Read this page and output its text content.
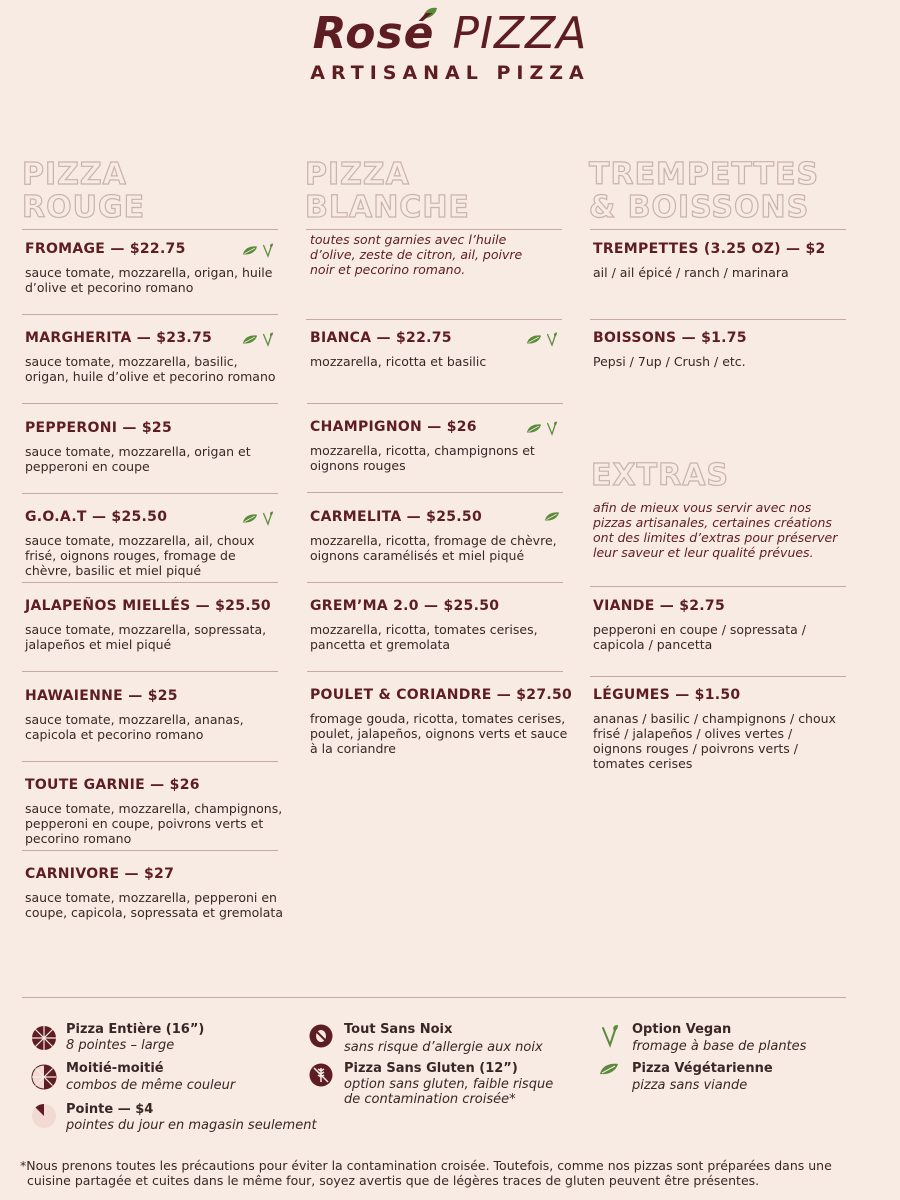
Rosé PIZZA
ARTISANAL PIZZA
PIZZA
ROUGE
PIZZA
BLANCHE
TREMPETTES
& BOISSONS
FROMAGE — $22.75
sauce tomate, mozzarella, origan, huile d’olive et pecorino romano
MARGHERITA — $23.75
sauce tomate, mozzarella, basilic, origan, huile d’olive et pecorino romano
PEPPERONI — $25
sauce tomate, mozzarella, origan et pepperoni en coupe
G.O.A.T — $25.50
sauce tomate, mozzarella, ail, choux frisé, oignons rouges, fromage de chèvre, basilic et miel piqué
JALAPEÑOS MIELLÉS — $25.50
sauce tomate, mozzarella, sopressata, jalapeños et miel piqué
HAWAIENNE — $25
sauce tomate, mozzarella, ananas, capicola et pecorino romano
TOUTE GARNIE — $26
sauce tomate, mozzarella, champignons, pepperoni en coupe, poivrons verts et pecorino romano
CARNIVORE — $27
sauce tomate, mozzarella, pepperoni en coupe, capicola, sopressata et gremolata
toutes sont garnies avec l’huile d’olive, zeste de citron, ail, poivre noir et pecorino romano.
BIANCA — $22.75
mozzarella, ricotta et basilic
CHAMPIGNON — $26
mozzarella, ricotta, champignons et oignons rouges
CARMELITA — $25.50
mozzarella, ricotta, fromage de chèvre, oignons caramélisés et miel piqué
GREM’MA 2.0 — $25.50
mozzarella, ricotta, tomates cerises, pancetta et gremolata
POULET & CORIANDRE — $27.50
fromage gouda, ricotta, tomates cerises, poulet, jalapeños, oignons verts et sauce à la coriandre
TREMPETTES (3.25 OZ) — $2
ail / ail épicé / ranch / marinara
BOISSONS — $1.75
Pepsi / 7up / Crush / etc.
EXTRAS
afin de mieux vous servir avec nos pizzas artisanales, certaines créations ont des limites d’extras pour préserver leur saveur et leur qualité prévues.
VIANDE — $2.75
pepperoni en coupe / sopressata / capicola / pancetta
LÉGUMES — $1.50
ananas / basilic / champignons / choux frisé / jalapeños / olives vertes / oignons rouges / poivrons verts / tomates cerises
Pizza Entière (16”)
8 pointes – large
Moitié-moitié
combos de même couleur
Pointe — $4
pointes du jour en magasin seulement
Tout Sans Noix
sans risque d’allergie aux noix
Pizza Sans Gluten (12”)
option sans gluten, faible risque
de contamination croisée*
Option Vegan
fromage à base de plantes
Pizza Végétarienne
pizza sans viande
*Nous prenons toutes les précautions pour éviter la contamination croisée. Toutefois, comme nos pizzas sont préparées dans une
cuisine partagée et cuites dans le même four, soyez avertis que de légères traces de gluten peuvent être présentes.
